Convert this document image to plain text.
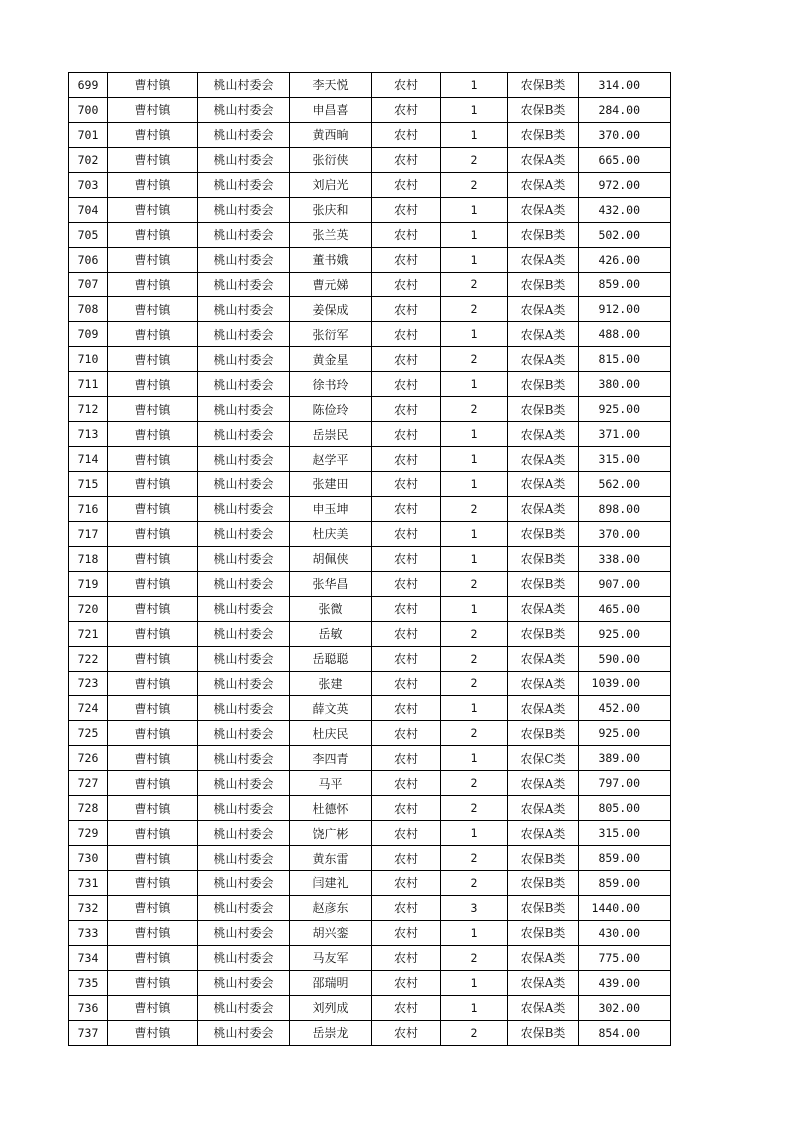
699	曹村镇	桃山村委会	李天悦	农村	1	农保B类	314.00
700	曹村镇	桃山村委会	申昌喜	农村	1	农保B类	284.00
701	曹村镇	桃山村委会	黄西晌	农村	1	农保B类	370.00
702	曹村镇	桃山村委会	张衍侠	农村	2	农保A类	665.00
703	曹村镇	桃山村委会	刘启光	农村	2	农保A类	972.00
704	曹村镇	桃山村委会	张庆和	农村	1	农保A类	432.00
705	曹村镇	桃山村委会	张兰英	农村	1	农保B类	502.00
706	曹村镇	桃山村委会	董书娥	农村	1	农保A类	426.00
707	曹村镇	桃山村委会	曹元娣	农村	2	农保B类	859.00
708	曹村镇	桃山村委会	姜保成	农村	2	农保A类	912.00
709	曹村镇	桃山村委会	张衍军	农村	1	农保A类	488.00
710	曹村镇	桃山村委会	黄金星	农村	2	农保A类	815.00
711	曹村镇	桃山村委会	徐书玲	农村	1	农保B类	380.00
712	曹村镇	桃山村委会	陈俭玲	农村	2	农保B类	925.00
713	曹村镇	桃山村委会	岳崇民	农村	1	农保A类	371.00
714	曹村镇	桃山村委会	赵学平	农村	1	农保A类	315.00
715	曹村镇	桃山村委会	张建田	农村	1	农保A类	562.00
716	曹村镇	桃山村委会	申玉坤	农村	2	农保A类	898.00
717	曹村镇	桃山村委会	杜庆美	农村	1	农保B类	370.00
718	曹村镇	桃山村委会	胡佩侠	农村	1	农保B类	338.00
719	曹村镇	桃山村委会	张华昌	农村	2	农保B类	907.00
720	曹村镇	桃山村委会	张微	农村	1	农保A类	465.00
721	曹村镇	桃山村委会	岳敏	农村	2	农保B类	925.00
722	曹村镇	桃山村委会	岳聪聪	农村	2	农保A类	590.00
723	曹村镇	桃山村委会	张建	农村	2	农保A类	1039.00
724	曹村镇	桃山村委会	薛文英	农村	1	农保A类	452.00
725	曹村镇	桃山村委会	杜庆民	农村	2	农保B类	925.00
726	曹村镇	桃山村委会	李四青	农村	1	农保C类	389.00
727	曹村镇	桃山村委会	马平	农村	2	农保A类	797.00
728	曹村镇	桃山村委会	杜德怀	农村	2	农保A类	805.00
729	曹村镇	桃山村委会	饶广彬	农村	1	农保A类	315.00
730	曹村镇	桃山村委会	黄东雷	农村	2	农保B类	859.00
731	曹村镇	桃山村委会	闫建礼	农村	2	农保B类	859.00
732	曹村镇	桃山村委会	赵彦东	农村	3	农保B类	1440.00
733	曹村镇	桃山村委会	胡兴銮	农村	1	农保B类	430.00
734	曹村镇	桃山村委会	马友军	农村	2	农保A类	775.00
735	曹村镇	桃山村委会	邵瑞明	农村	1	农保A类	439.00
736	曹村镇	桃山村委会	刘列成	农村	1	农保A类	302.00
737	曹村镇	桃山村委会	岳崇龙	农村	2	农保B类	854.00
